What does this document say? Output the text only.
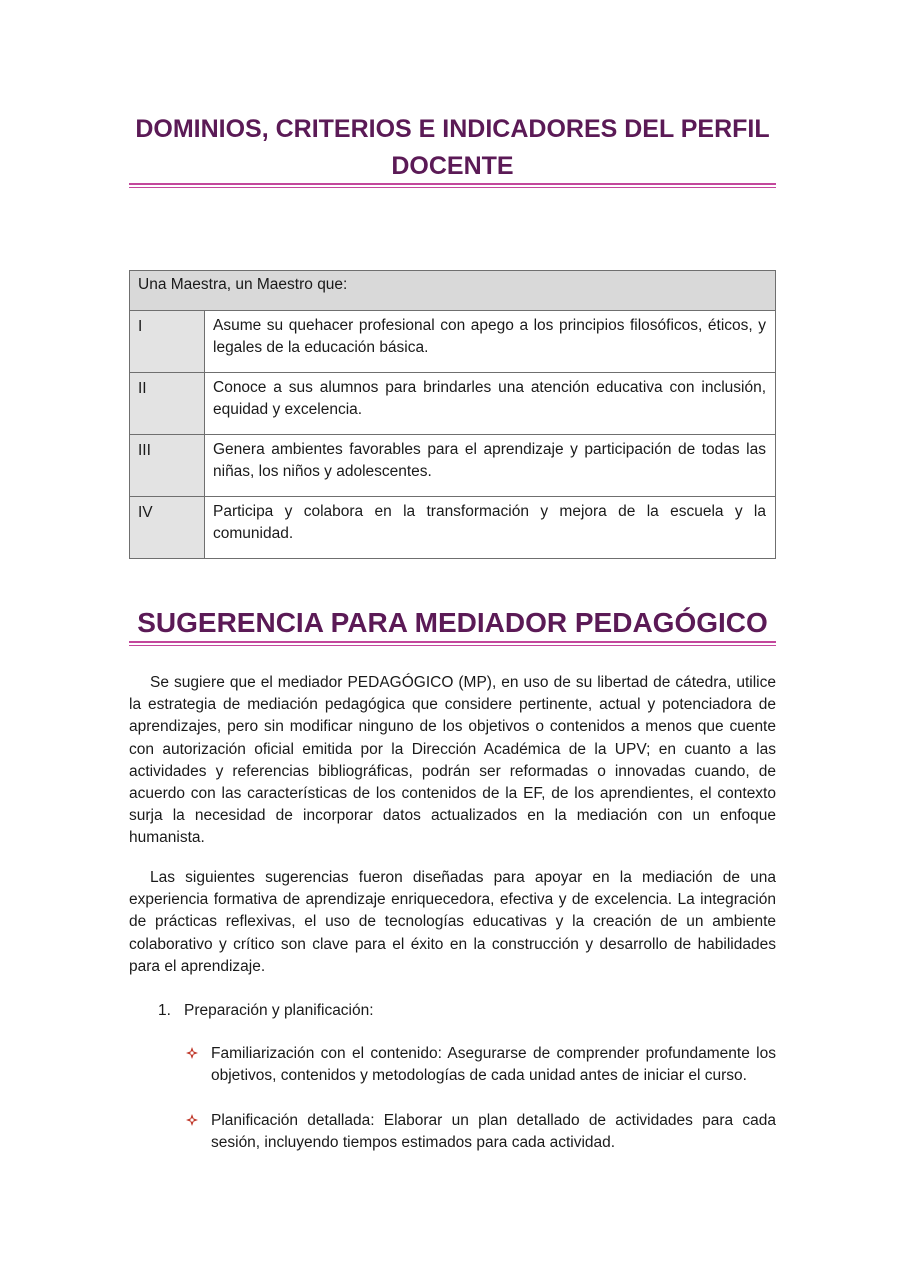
DOMINIOS, CRITERIOS E INDICADORES DEL PERFIL DOCENTE
Una Maestra, un Maestro que:	
I	Asume su quehacer profesional con apego a los principios filosóficos, éticos, y legales de la educación básica.
II	Conoce a sus alumnos para brindarles una atención educativa con inclusión, equidad y excelencia.
III	Genera ambientes favorables para el aprendizaje y participación de todas las niñas, los niños y adolescentes.
IV	Participa y colabora en la transformación y mejora de la escuela y la comunidad.
SUGERENCIA PARA MEDIADOR PEDAGÓGICO

Se sugiere que el mediador PEDAGÓGICO (MP), en uso de su libertad de cátedra, utilice la estrategia de mediación pedagógica que considere pertinente, actual y potenciadora de aprendizajes, pero sin modificar ninguno de los objetivos o contenidos a menos que cuente con autorización oficial emitida por la Dirección Académica de la UPV; en cuanto a las actividades y referencias bibliográficas, podrán ser reformadas o innovadas cuando, de acuerdo con las características de los contenidos de la EF, de los aprendientes, el contexto surja la necesidad de incorporar datos actualizados en la mediación con un enfoque humanista.

Las siguientes sugerencias fueron diseñadas para apoyar en la mediación de una experiencia formativa de aprendizaje enriquecedora, efectiva y de excelencia. La integración de prácticas reflexivas, el uso de tecnologías educativas y la creación de un ambiente colaborativo y crítico son clave para el éxito en la construcción y desarrollo de habilidades para el aprendizaje.

1. Preparación y planificación:

Familiarización con el contenido: Asegurarse de comprender profundamente los objetivos, contenidos y metodologías de cada unidad antes de iniciar el curso.
Planificación detallada: Elaborar un plan detallado de actividades para cada sesión, incluyendo tiempos estimados para cada actividad.
